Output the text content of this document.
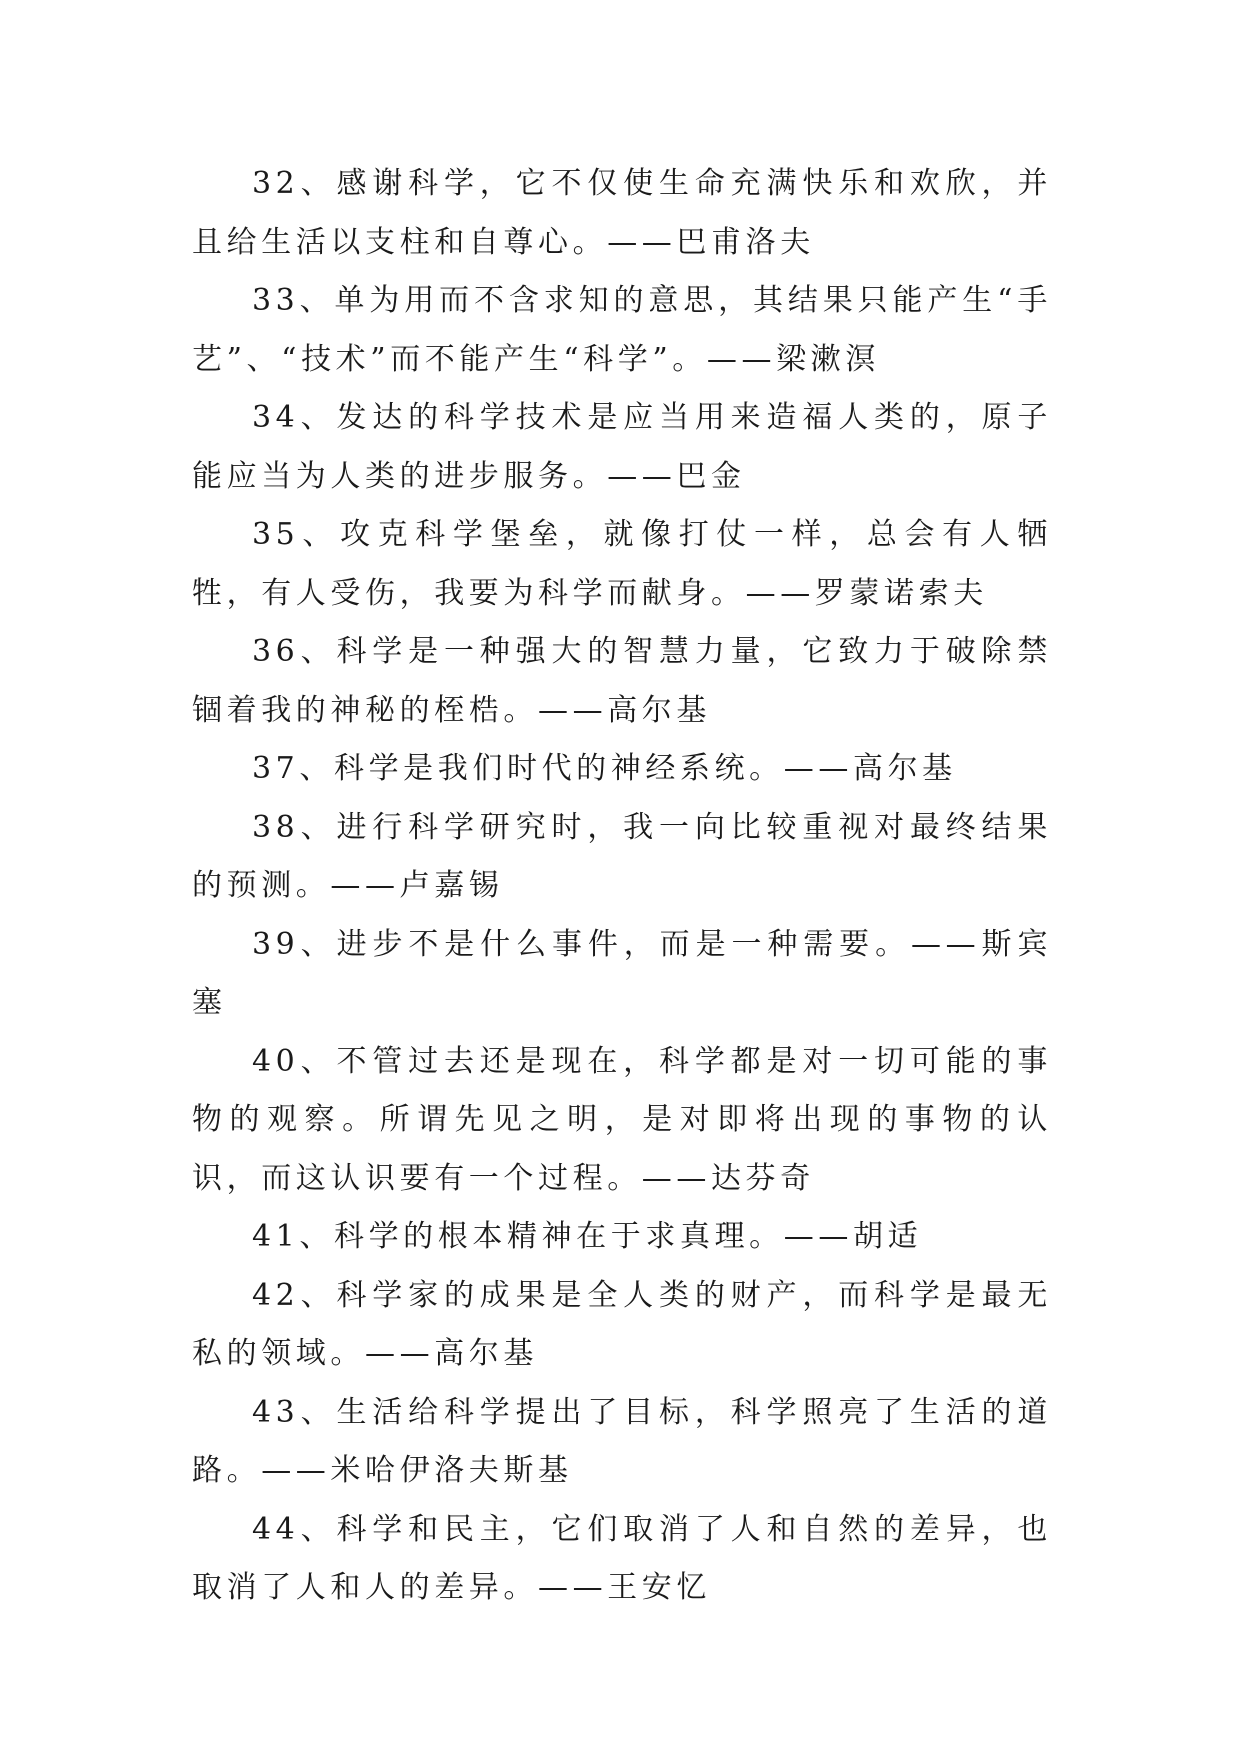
32、感谢科学，它不仅使生命充满快乐和欢欣，并且给生活以支柱和自尊心。——巴甫洛夫

33、单为用而不含求知的意思，其结果只能产生“手艺”、“技术”而不能产生“科学”。——梁漱溟

34、发达的科学技术是应当用来造福人类的，原子能应当为人类的进步服务。——巴金

35、攻克科学堡垒，就像打仗一样，总会有人牺牲，有人受伤，我要为科学而献身。——罗蒙诺索夫

36、科学是一种强大的智慧力量，它致力于破除禁锢着我的神秘的桎梏。——高尔基

37、科学是我们时代的神经系统。——高尔基

38、进行科学研究时，我一向比较重视对最终结果的预测。——卢嘉锡

39、进步不是什么事件，而是一种需要。——斯宾塞

40、不管过去还是现在，科学都是对一切可能的事物的观察。所谓先见之明，是对即将出现的事物的认识，而这认识要有一个过程。——达芬奇

41、科学的根本精神在于求真理。——胡适

42、科学家的成果是全人类的财产，而科学是最无私的领域。——高尔基

43、生活给科学提出了目标，科学照亮了生活的道路。——米哈伊洛夫斯基

44、科学和民主，它们取消了人和自然的差异，也取消了人和人的差异。——王安忆
